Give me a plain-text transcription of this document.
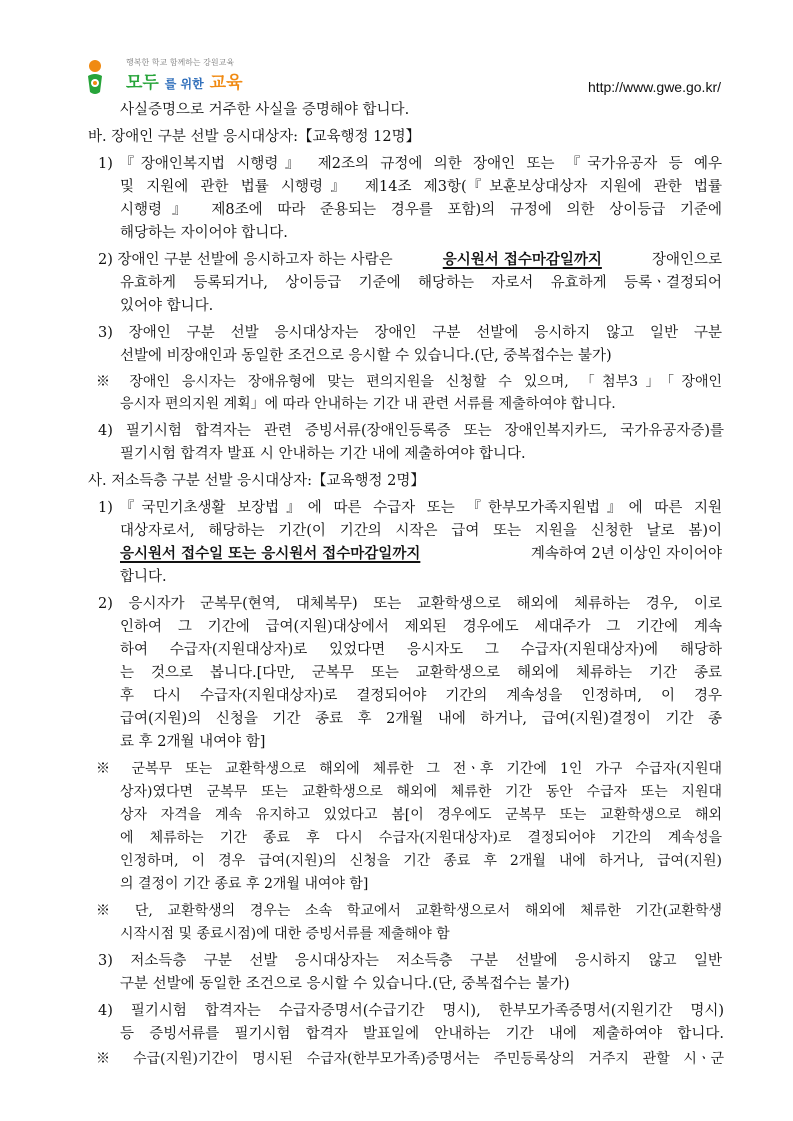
행복한 학교 함께하는 강원교육
모두 를 위한 교육	http://www.gwe.go.kr/
사실증명으로 거주한 사실을 증명해야 합니다.
바. 장애인 구분 선발 응시대상자:【교육행정 12명】
1)『장애인복지법 시행령』 제2조의 규정에 의한 장애인 또는 『국가유공자 등 예우
및 지원에 관한 법률 시행령』 제14조 제3항(『보훈보상대상자 지원에 관한 법률
시행령』 제8조에 따라 준용되는 경우를 포함)의 규정에 의한 상이등급 기준에
해당하는 자이어야 합니다.
2) 장애인 구분 선발에 응시하고자 하는 사람은	응시원서 접수마감일까지	장애인으로
유효하게 등록되거나, 상이등급 기준에 해당하는 자로서 유효하게 등록ㆍ결정되어
있어야 합니다.
3) 장애인 구분 선발 응시대상자는 장애인 구분 선발에 응시하지 않고 일반 구분
선발에 비장애인과 동일한 조건으로 응시할 수 있습니다.(단, 중복접수는 불가)
※ 장애인 응시자는 장애유형에 맞는 편의지원을 신청할 수 있으며, 「첨부3」「장애인
응시자 편의지원 계획」에 따라 안내하는 기간 내 관련 서류를 제출하여야 합니다.
4) 필기시험 합격자는 관련 증빙서류(장애인등록증 또는 장애인복지카드, 국가유공자증)를
필기시험 합격자 발표 시 안내하는 기간 내에 제출하여야 합니다.
사. 저소득층 구분 선발 응시대상자:【교육행정 2명】
1)『국민기초생활 보장법』에 따른 수급자 또는 『한부모가족지원법』에 따른 지원
대상자로서, 해당하는 기간(이 기간의 시작은 급여 또는 지원을 신청한 날로 봄)이
응시원서 접수일 또는 응시원서 접수마감일까지	계속하여 2년 이상인 자이어야
합니다.
2) 응시자가 군복무(현역, 대체복무) 또는 교환학생으로 해외에 체류하는 경우, 이로
인하여 그 기간에 급여(지원)대상에서 제외된 경우에도 세대주가 그 기간에 계속
하여 수급자(지원대상자)로 있었다면 응시자도 그 수급자(지원대상자)에 해당하
는 것으로 봅니다.[다만, 군복무 또는 교환학생으로 해외에 체류하는 기간 종료
후 다시 수급자(지원대상자)로 결정되어야 기간의 계속성을 인정하며, 이 경우
급여(지원)의 신청을 기간 종료 후 2개월 내에 하거나, 급여(지원)결정이 기간 종
료 후 2개월 내여야 함]
※ 군복무 또는 교환학생으로 해외에 체류한 그 전ㆍ후 기간에 1인 가구 수급자(지원대
상자)였다면 군복무 또는 교환학생으로 해외에 체류한 기간 동안 수급자 또는 지원대
상자 자격을 계속 유지하고 있었다고 봄[이 경우에도 군복무 또는 교환학생으로 해외
에 체류하는 기간 종료 후 다시 수급자(지원대상자)로 결정되어야 기간의 계속성을
인정하며, 이 경우 급여(지원)의 신청을 기간 종료 후 2개월 내에 하거나, 급여(지원)
의 결정이 기간 종료 후 2개월 내여야 함]
※ 단, 교환학생의 경우는 소속 학교에서 교환학생으로서 해외에 체류한 기간(교환학생
시작시점 및 종료시점)에 대한 증빙서류를 제출해야 함
3) 저소득층 구분 선발 응시대상자는 저소득층 구분 선발에 응시하지 않고 일반
구분 선발에 동일한 조건으로 응시할 수 있습니다.(단, 중복접수는 불가)
4) 필기시험 합격자는 수급자증명서(수급기간 명시), 한부모가족증명서(지원기간 명시)
등 증빙서류를 필기시험 합격자 발표일에 안내하는 기간 내에 제출하여야 합니다.
※ 수급(지원)기간이 명시된 수급자(한부모가족)증명서는 주민등록상의 거주지 관할 시ㆍ군
